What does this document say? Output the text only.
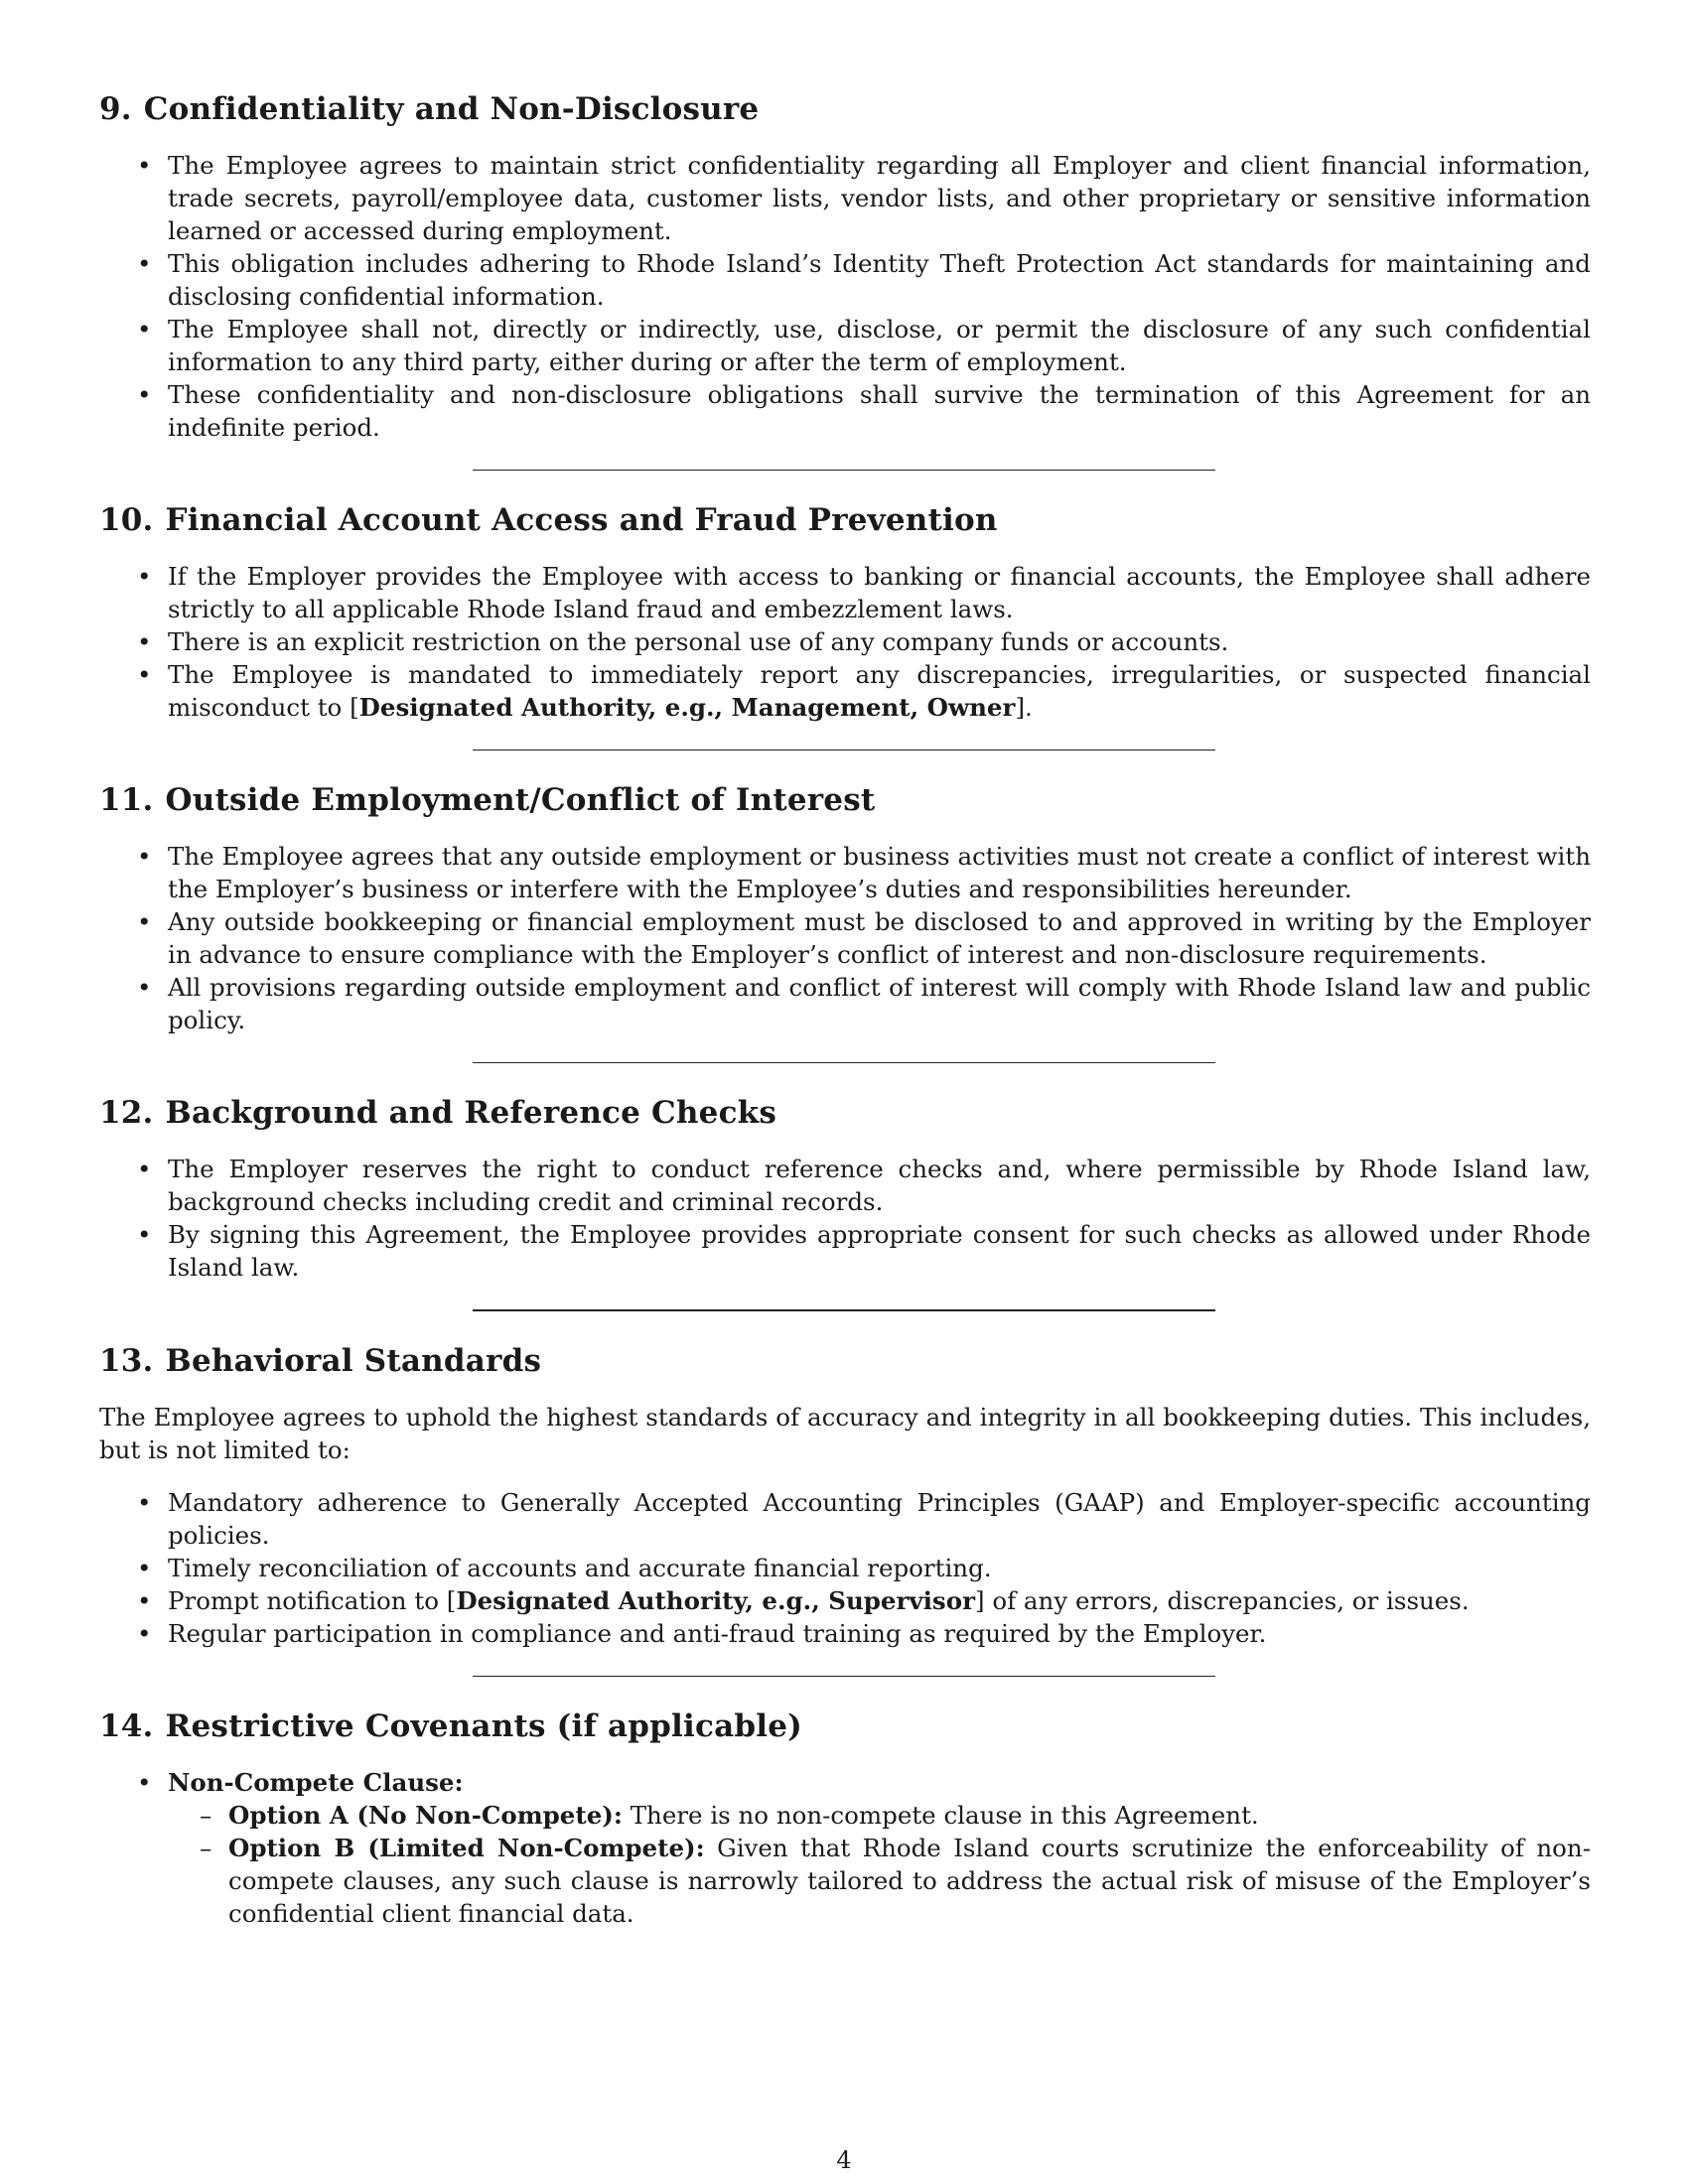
9. Confidentiality and Non-Disclosure
• The Employee agrees to maintain strict confidentiality regarding all Employer and client financial information, trade secrets, payroll/employee data, customer lists, vendor lists, and other proprietary or sensitive information learned or accessed during employment.
• This obligation includes adhering to Rhode Island’s Identity Theft Protection Act standards for maintaining and disclosing confidential information.
• The Employee shall not, directly or indirectly, use, disclose, or permit the disclosure of any such confidential information to any third party, either during or after the term of employment.
• These confidentiality and non-disclosure obligations shall survive the termination of this Agreement for an indefinite period.
10. Financial Account Access and Fraud Prevention
• If the Employer provides the Employee with access to banking or financial accounts, the Employee shall adhere strictly to all applicable Rhode Island fraud and embezzlement laws.
• There is an explicit restriction on the personal use of any company funds or accounts.
• The Employee is mandated to immediately report any discrepancies, irregularities, or suspected financial misconduct to [Designated Authority, e.g., Management, Owner].
11. Outside Employment/Conflict of Interest
• The Employee agrees that any outside employment or business activities must not create a conflict of interest with the Employer’s business or interfere with the Employee’s duties and responsibilities hereunder.
• Any outside bookkeeping or financial employment must be disclosed to and approved in writing by the Employer in advance to ensure compliance with the Employer’s conflict of interest and non-disclosure requirements.
• All provisions regarding outside employment and conflict of interest will comply with Rhode Island law and public policy.
12. Background and Reference Checks
• The Employer reserves the right to conduct reference checks and, where permissible by Rhode Island law, background checks including credit and criminal records.
• By signing this Agreement, the Employee provides appropriate consent for such checks as allowed under Rhode Island law.
13. Behavioral Standards

The Employee agrees to uphold the highest standards of accuracy and integrity in all bookkeeping duties. This includes, but is not limited to:

• Mandatory adherence to Generally Accepted Accounting Principles (GAAP) and Employer-specific accounting policies.
• Timely reconciliation of accounts and accurate financial reporting.
• Prompt notification to [Designated Authority, e.g., Supervisor] of any errors, discrepancies, or issues.
• Regular participation in compliance and anti-fraud training as required by the Employer.
14. Restrictive Covenants (if applicable)
• Non-Compete Clause:
– Option A (No Non-Compete): There is no non-compete clause in this Agreement.
– Option B (Limited Non-Compete): Given that Rhode Island courts scrutinize the enforceability of non-compete clauses, any such clause is narrowly tailored to address the actual risk of misuse of the Employer’s confidential client financial data.
4
